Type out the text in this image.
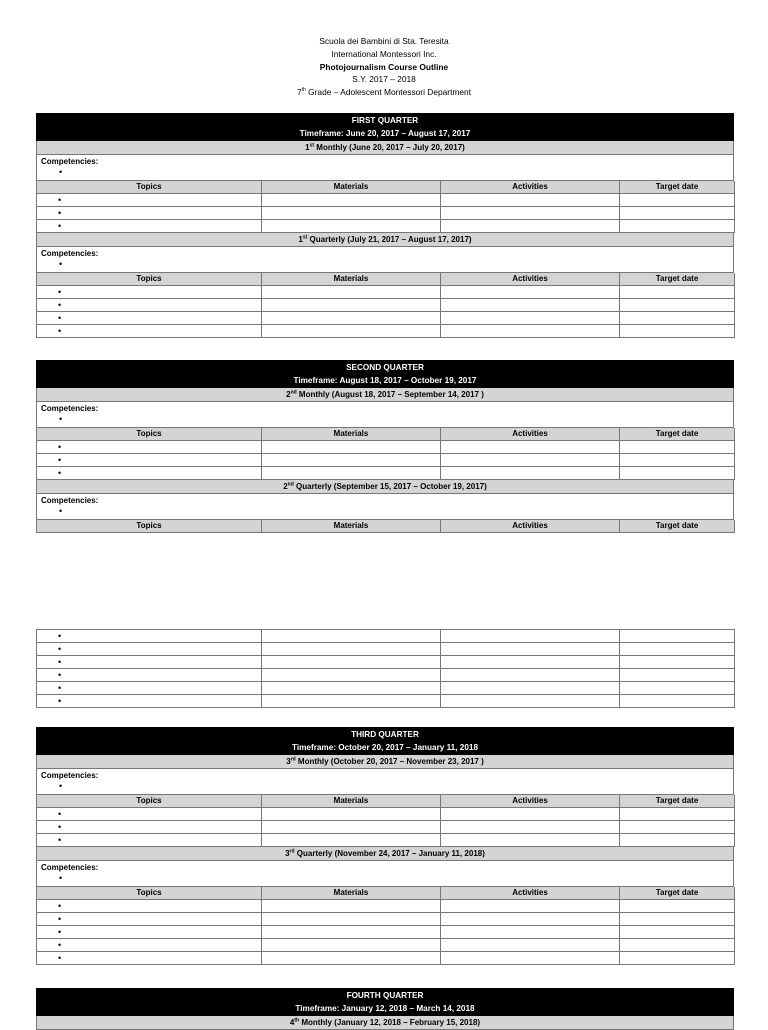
Scuola dei Bambini di Sta. Teresita
International Montessori Inc.
Photojournalism Course Outline
S.Y. 2017 – 2018
7th Grade – Adolescent Montessori Department
FIRST QUARTER
Timeframe: June 20, 2017 – August 17, 2017
1st Monthly (June 20, 2017 – July 20, 2017)
Competencies:
•
Topics	Materials	Activities	Target date
•			
•			
•			
1st Quarterly (July 21, 2017 – August 17, 2017)
Competencies:
•
Topics	Materials	Activities	Target date
•			
•			
•			
•			
SECOND QUARTER
Timeframe: August 18, 2017 – October 19, 2017
2nd Monthly (August 18, 2017 – September 14, 2017 )
Competencies:
•
Topics	Materials	Activities	Target date
•			
•			
•			
2nd Quarterly (September 15, 2017 – October 19, 2017)
Competencies:
•
Topics	Materials	Activities	Target date
•			
•			
•			
•			
•			
•			
THIRD QUARTER
Timeframe: October 20, 2017 – January 11, 2018
3rd Monthly (October 20, 2017 – November 23, 2017 )
Competencies:
•
Topics	Materials	Activities	Target date
•			
•			
•			
3rd Quarterly (November 24, 2017 – January 11, 2018)
Competencies:
•
Topics	Materials	Activities	Target date
•			
•			
•			
•			
•			
FOURTH QUARTER
Timeframe: January 12, 2018 – March 14, 2018
4th Monthly (January 12, 2018 – February 15, 2018)
